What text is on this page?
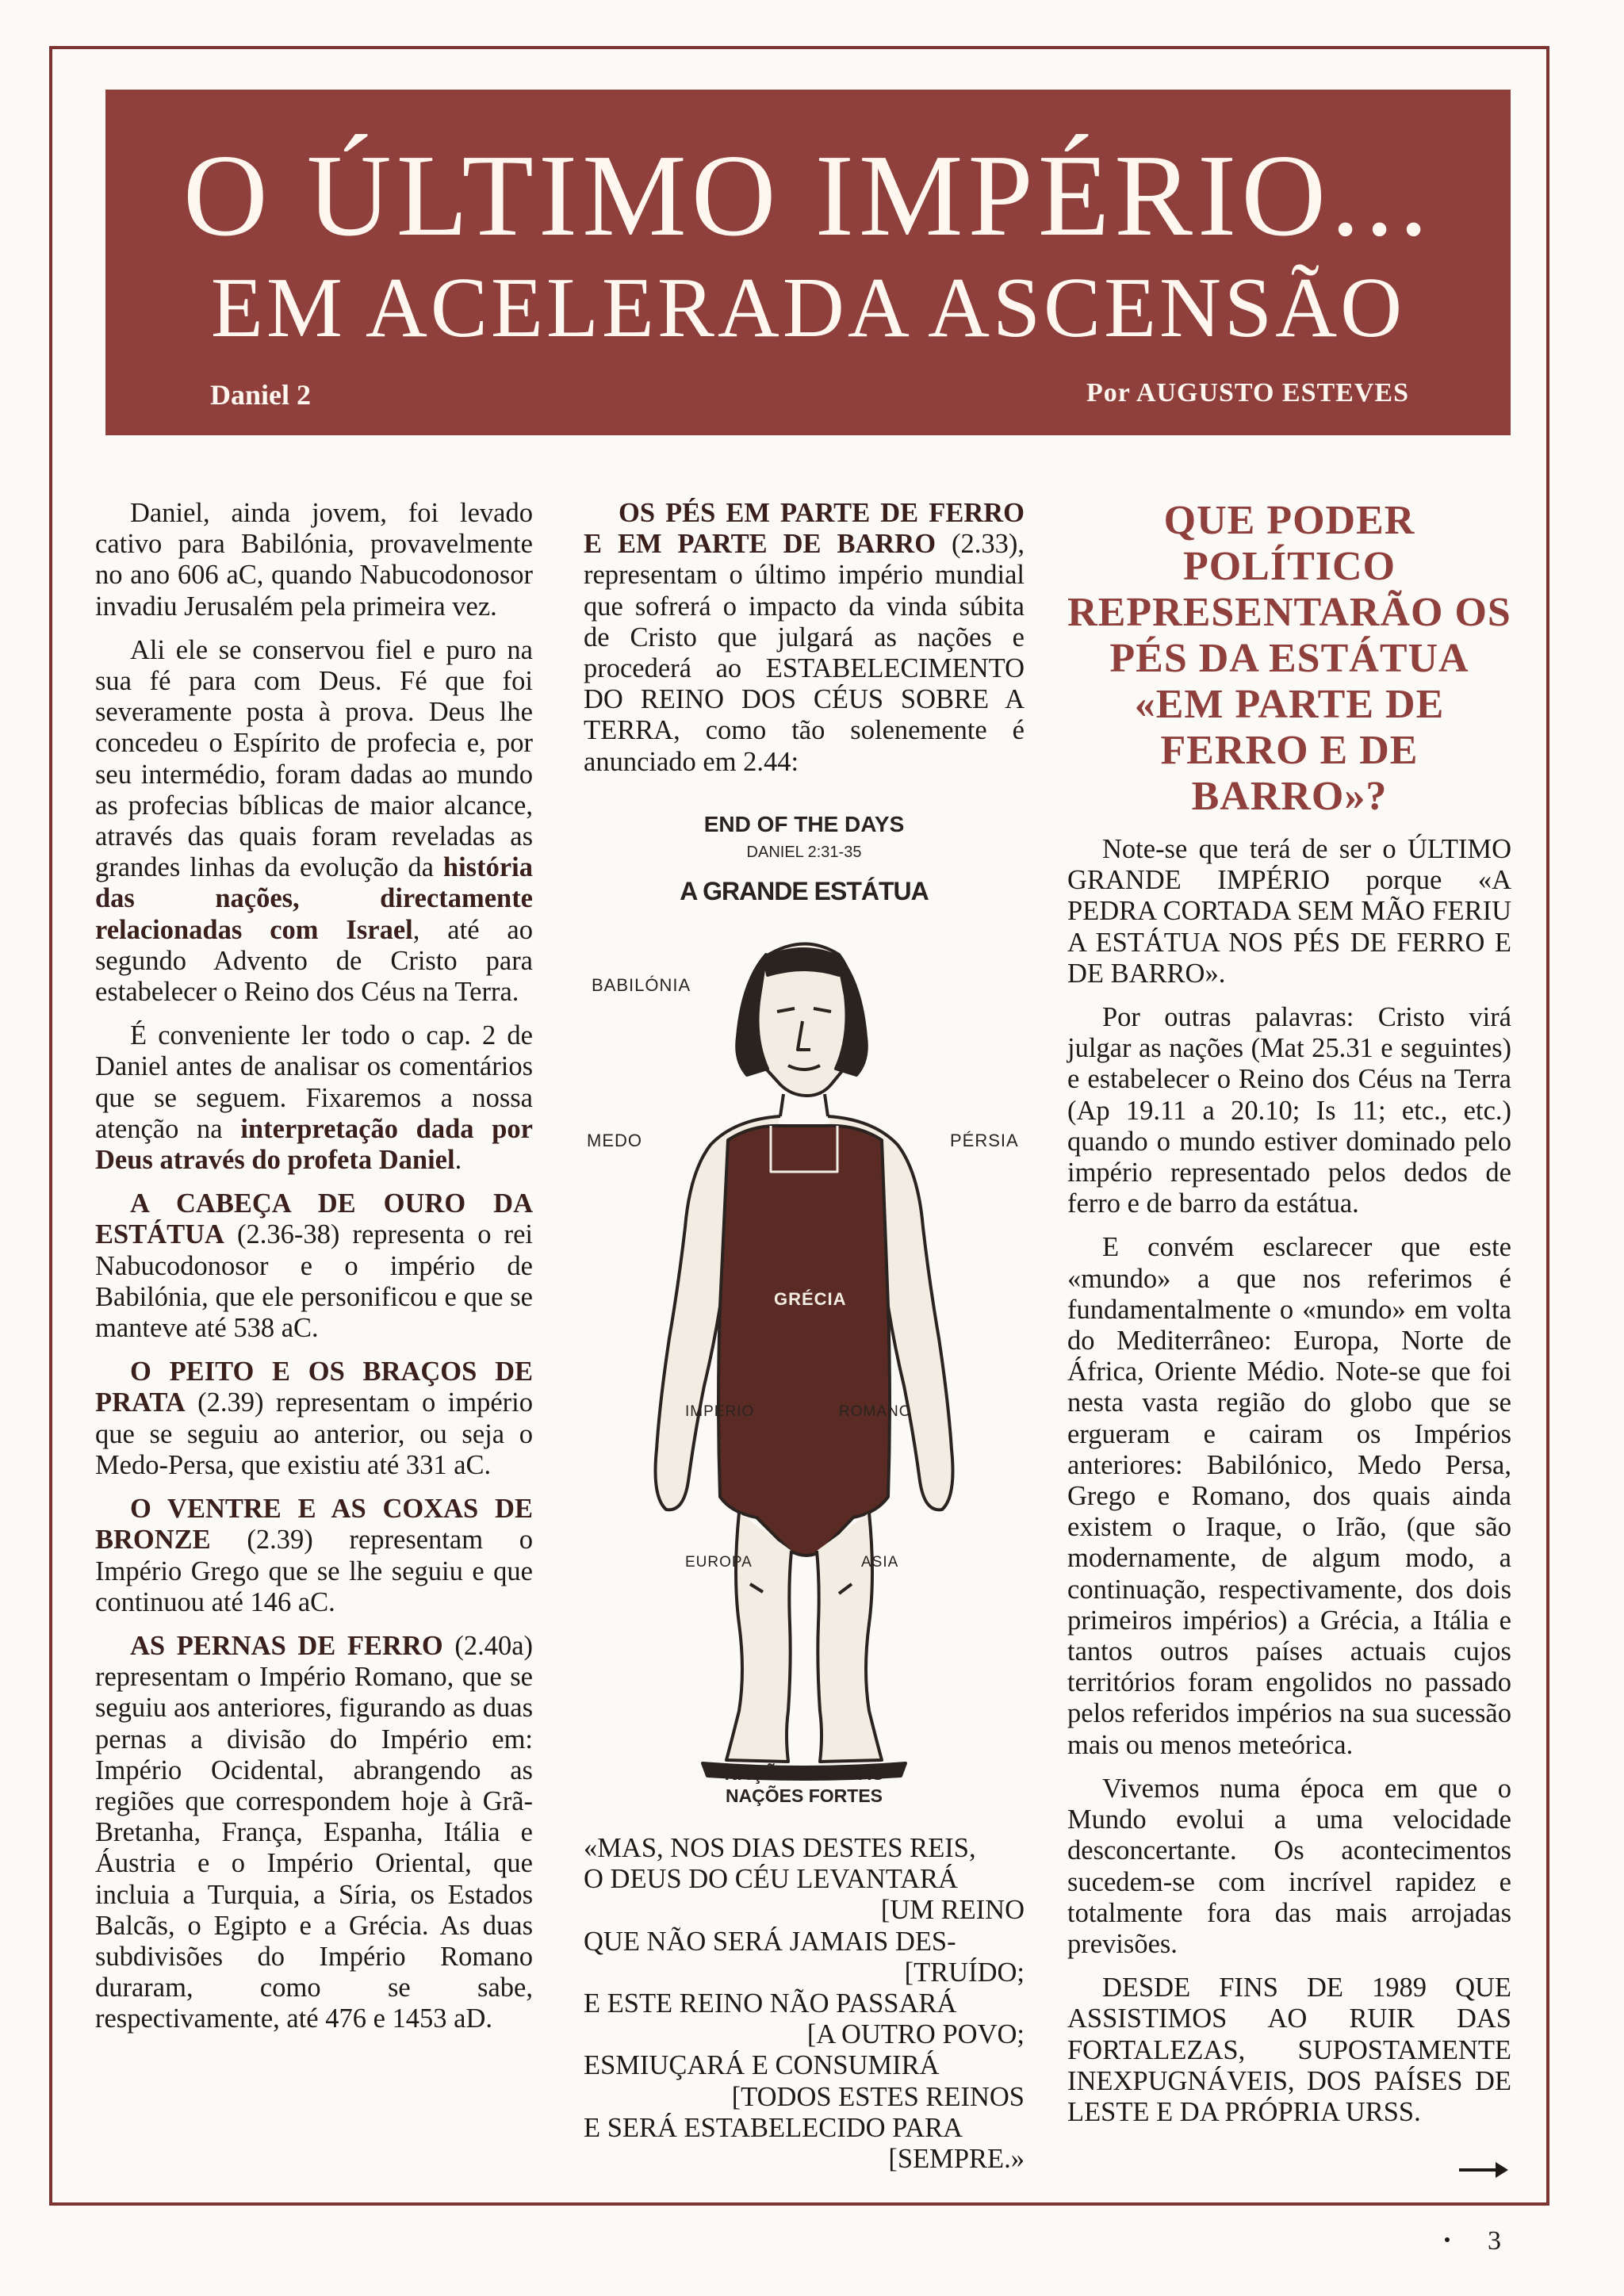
O ÚLTIMO IMPÉRIO...
EM ACELERADA ASCENSÃO
Daniel 2	Por AUGUSTO ESTEVES

Daniel, ainda jovem, foi levado cativo para Babilónia, provavelmente no ano 606 aC, quando Nabucodonosor invadiu Jerusalém pela primeira vez.

Ali ele se conservou fiel e puro na sua fé para com Deus. Fé que foi severamente posta à prova. Deus lhe concedeu o Espírito de profecia e, por seu intermédio, foram dadas ao mundo as profecias bíblicas de maior alcance, através das quais foram reveladas as grandes linhas da evolução da história das nações, directamente relacionadas com Israel, até ao segundo Advento de Cristo para estabelecer o Reino dos Céus na Terra.

É conveniente ler todo o cap. 2 de Daniel antes de analisar os comentários que se seguem. Fixaremos a nossa atenção na interpretação dada por Deus através do profeta Daniel.

A CABEÇA DE OURO DA ESTÁTUA (2.36-38) representa o rei Nabucodonosor e o império de Babilónia, que ele personificou e que se manteve até 538 aC.

O PEITO E OS BRAÇOS DE PRATA (2.39) representam o império que se seguiu ao anterior, ou seja o Medo-Persa, que existiu até 331 aC.

O VENTRE E AS COXAS DE BRONZE (2.39) representam o Império Grego que se lhe seguiu e que continuou até 146 aC.

AS PERNAS DE FERRO (2.40a) representam o Império Romano, que se seguiu aos anteriores, figurando as duas pernas a divisão do Império em: Império Ocidental, abrangendo as regiões que correspondem hoje à Grã-Bretanha, França, Espanha, Itália e Áustria e o Império Oriental, que incluia a Turquia, a Síria, os Estados Balcãs, o Egipto e a Grécia. As duas subdivisões do Império Romano duraram, como se sabe, respectivamente, até 476 e 1453 aD.

OS PÉS EM PARTE DE FERRO E EM PARTE DE BARRO (2.33), representam o último império mundial que sofrerá o impacto da vinda súbita de Cristo que julgará as nações e procederá ao ESTABELECIMENTO DO REINO DOS CÉUS SOBRE A TERRA, como tão solenemente é anunciado em 2.44:

END OF THE DAYS
DANIEL 2:31-35
A GRANDE ESTÁTUA
BABILÓNIA
MEDO	PÉRSIA
GRÉCIA
IMPERIO	ROMANO
EUROPA	ASIA
NAÇÕES FRACAS
NAÇÕES FORTES
«MAS, NOS DIAS DESTES REIS,
O DEUS DO CÉU LEVANTARÁ
[UM REINO
QUE NÃO SERÁ JAMAIS DES-
[TRUÍDO;
E ESTE REINO NÃO PASSARÁ
[A OUTRO POVO;
ESMIUÇARÁ E CONSUMIRÁ
[TODOS ESTES REINOS
E SERÁ ESTABELECIDO PARA
[SEMPRE.»
QUE PODER POLÍTICO REPRESENTARÃO OS PÉS DA ESTÁTUA «EM PARTE DE FERRO E DE BARRO»?

Note-se que terá de ser o ÚLTIMO GRANDE IMPÉRIO porque «A PEDRA CORTADA SEM MÃO FERIU A ESTÁTUA NOS PÉS DE FERRO E DE BARRO».

Por outras palavras: Cristo virá julgar as nações (Mat 25.31 e seguintes) e estabelecer o Reino dos Céus na Terra (Ap 19.11 a 20.10; Is 11; etc., etc.) quando o mundo estiver dominado pelo império representado pelos dedos de ferro e de barro da estátua.

E convém esclarecer que este «mundo» a que nos referimos é fundamentalmente o «mundo» em volta do Mediterrâneo: Europa, Norte de África, Oriente Médio. Note-se que foi nesta vasta região do globo que se ergueram e cairam os Impérios anteriores: Babilónico, Medo Persa, Grego e Romano, dos quais ainda existem o Iraque, o Irão, (que são modernamente, de algum modo, a continuação, respectivamente, dos dois primeiros impérios) a Grécia, a Itália e tantos outros países actuais cujos territórios foram engolidos no passado pelos referidos impérios na sua sucessão mais ou menos meteórica.

Vivemos numa época em que o Mundo evolui a uma velocidade desconcertante. Os acontecimentos sucedem-se com incrível rapidez e totalmente fora das mais arrojadas previsões.

DESDE FINS DE 1989 QUE ASSISTIMOS AO RUIR DAS FORTALEZAS, SUPOSTAMENTE INEXPUGNÁVEIS, DOS PAÍSES DE LESTE E DA PRÓPRIA URSS.

3
